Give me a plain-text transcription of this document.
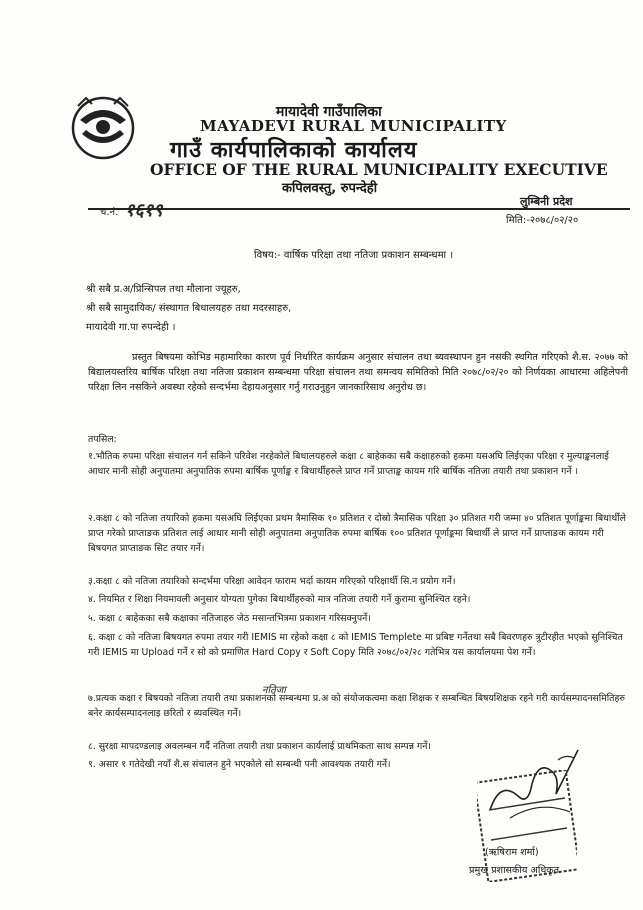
मायादेवी गाउँपालिका
MAYADEVI RURAL MUNICIPALITY
गाउँ कार्यपालिकाको कार्यालय
OFFICE OF THE RURAL MUNICIPALITY EXECUTIVE
कपिलवस्तु, रुपन्देही
लुम्बिनी प्रदेश
च.नं. १६१९	मिति:-२०७८/०२/२०
विषय:- वार्षिक परिक्षा तथा नतिजा प्रकाशन सम्बन्धमा ।
श्री सबै प्र.अ/प्रिन्सिपल तथा मौलाना ज्यूहरु,
श्री सबै सामुदायिक/ संस्थागत बिधालयहरु तथा मदरसाहरु,
मायादेवी गा.पा रुपन्देही ।
प्रस्तुत बिषयमा कोभिड महामारिका कारण पूर्व निर्धारित कार्यक्रम अनुसार संचालन तथा ब्यवस्थापन हुन नसकी स्थगित गरिएको शै.स. २०७७ को बिद्यालयस्तरिय बार्षिक परिक्षा तथा नतिजा प्रकाशन सम्बन्धमा परिक्षा संचालन तथा समन्वय समितिको मिति २०७८/०२/२० को निर्णयका आधारमा अहिलेपनी परिक्षा लिन नसकिने अवस्था रहेको सन्दर्भमा देहायअनुसार गर्नु गराउनुहुन जानकारिसाथ अनुरोध छ।
तपसिल:
१.भौतिक रुपमा परिक्षा संचालन गर्न सकिने परिवेश नरहेकोले बिधालयहरुले कक्षा ८ बाहेकका सबै कक्षाहरुको हकमा यसअघि लिईएका परिक्षा र मुल्याङ्कनलाई आधार मानी सोही अनुपातमा अनुपातिक रुपमा बार्षिक पूर्णाङ्क र बिधार्थीहरुले प्राप्त गर्ने प्राप्ताङ्क कायम गरि बार्षिक नतिजा तयारी तथा प्रकाशन गर्ने ।
२.कक्षा ८ को नतिजा तयारिको हकमा यसअघि लिईएका प्रथम त्रैमासिक १० प्रतिशत र दोस्रो त्रैमासिक परिक्षा ३० प्रतिशत गरी जम्मा ४० प्रतिशत पूर्णाङ्कमा बिधार्थीले प्राप्त गरेको प्राप्ताङक प्रतिशत लाई आधार मानी सोही अनुपातमा अनुपातिक रुपमा बार्षिक १०० प्रतिशत पूर्णाङ्कमा बिधार्थी ले प्राप्त गर्ने प्राप्ताङक कायम गरी बिषयगत प्राप्ताङक सिट तयार गर्ने।
३.कक्षा ८ को नतिजा तयारिको सन्दर्भमा परिक्षा आवेदन फाराम भर्दा कायम गरिएको परिक्षार्थी सि.न प्रयोग गर्ने।
४. नियमित र शिक्षा नियमावली अनुसार योग्यता पुगेका बिधार्थीहरुको मात्र नतिजा तयारी गर्ने कुरामा सुनिश्चित रहने।
५. कक्षा ८ बाहेकका सबै कक्षाका नतिजाहरु जेठ मसान्तभित्रमा प्रकाशन गरिसक्नुपर्ने।
६. कक्षा ८ को नतिजा बिषयगत रुपमा तयार गरी IEMIS मा रहेको कक्षा ८ को IEMIS Templete मा प्रबिष्ट गर्नेतथा सबै बिवरणहरु त्रुटीरहीत भएको सुनिश्चित गरी IEMIS मा Upload गर्ने र सो को प्रमाणित Hard Copy र Soft Copy मिति २०७८/०२/२८ गतेभित्र यस कार्यालयमा पेश गर्ने।
नतिजा
७.प्रत्यक कक्षा र बिषयको नतिजा तयारी तथा प्रकाशनको सम्बन्धमा प्र.अ को संयोजकत्वमा कक्षा शिक्षक र सम्बन्धित बिषयशिक्षक रहने गरी कार्यसम्पादनसमितिहरु बनेर कार्यसम्पादनलाइ छरितो र ब्यवस्थित गर्ने।
८. सुरक्षा मापदण्डलाइ अवलम्बन गर्दै नतिजा तयारी तथा प्रकाशन कार्यलाई प्राथमिकता साथ सम्पन्न गर्ने।
९. असार १ गतेदेखी नयाँ शै.स संचालन हुने भएकोले सो सम्बन्धी पनी आवश्यक तयारी गर्ने।
(ऋषिराम शर्मा)
प्रमुख प्रशासकीय अधिकृत
